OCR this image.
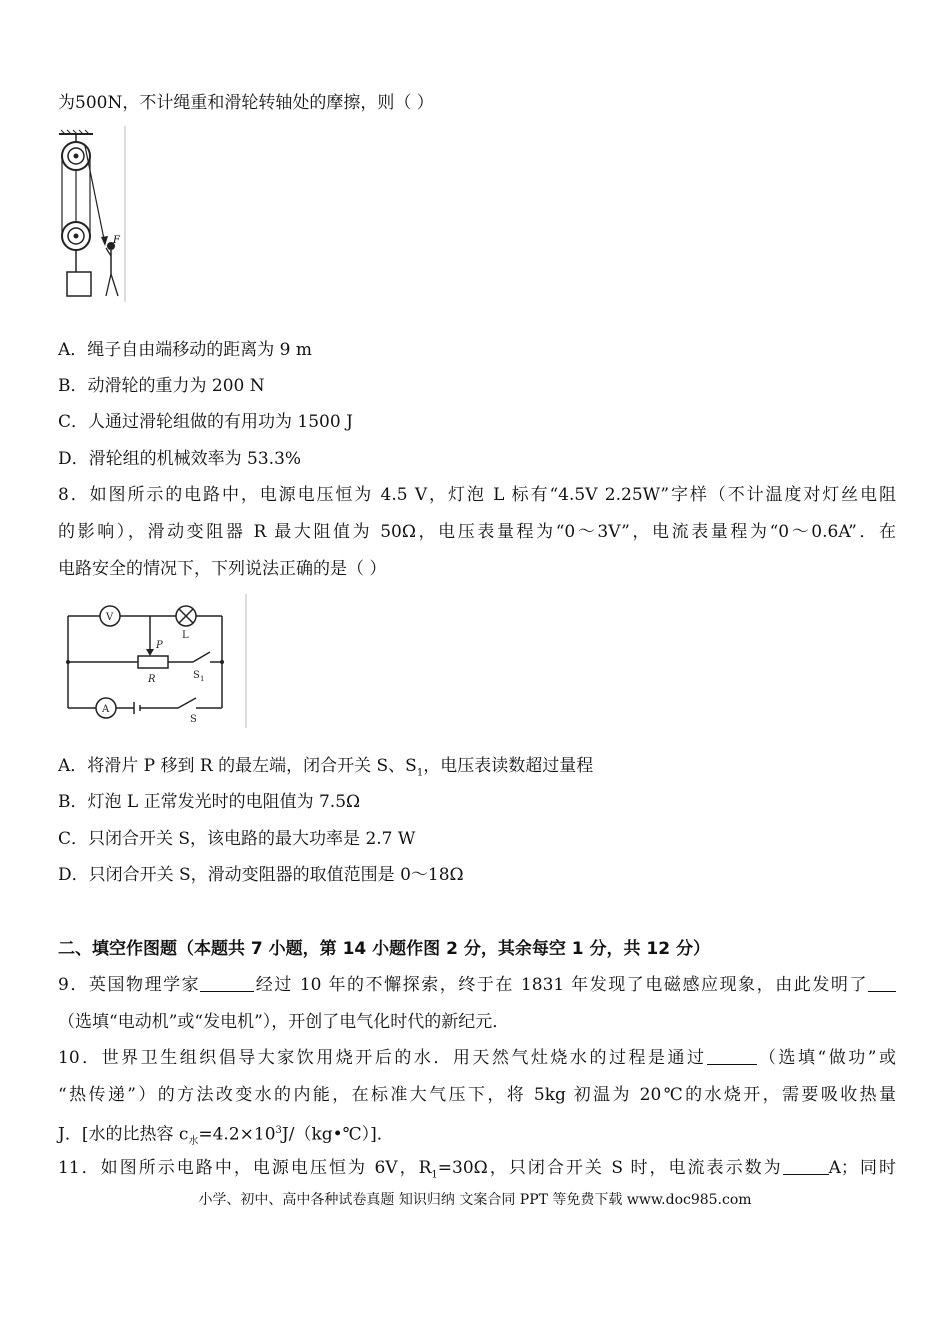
为500N，不计绳重和滑轮转轴处的摩擦，则（ ）
F
A．绳子自由端移动的距离为 9 m
B．动滑轮的重力为 200 N
C．人通过滑轮组做的有用功为 1500 J
D．滑轮组的机械效率为 53.3%
8．如图所示的电路中，电源电压恒为 4.5 V，灯泡 L 标有“4.5V 2.25W”字样（不计温度对灯丝电阻
的影响），滑动变阻器 R 最大阻值为 50Ω，电压表量程为“0～3V”，电流表量程为“0～0.6A”．在
电路安全的情况下，下列说法正确的是（ ）
V
A
L
P
R	S 1
S
A．将滑片 P 移到 R 的最左端，闭合开关 S、$S_1$，电压表读数超过量程
B．灯泡 L 正常发光时的电阻值为 7.5Ω
C．只闭合开关 S，该电路的最大功率是 2.7 W
D．只闭合开关 S，滑动变阻器的取值范围是 0～18Ω
二、填空作图题（本题共 7 小题，第 14 小题作图 2 分，其余每空 1 分，共 12 分）
9．英国物理学家	经过 10 年的不懈探索，终于在 1831 年发现了电磁感应现象，由此发明了
（选填“电动机”或“发电机”），开创了电气化时代的新纪元．
10．世界卫生组织倡导大家饮用烧开后的水．用天然气灶烧水的过程是通过	（选填“做功”或
“热传递”）的方法改变水的内能，在标准大气压下，将 5kg 初温为 20℃的水烧开，需要吸收热量
J．[水的比热容 $c_水=4.2\times 10^3J/(kg•℃)$]．
11．如图所示电路中，电源电压恒为 6V，$R_1=30\Omega$，只闭合开关 S 时，电流表示数为	A；同时
小学、初中、高中各种试卷真题 知识归纳 文案合同 PPT 等免费下载 www.doc985.com
